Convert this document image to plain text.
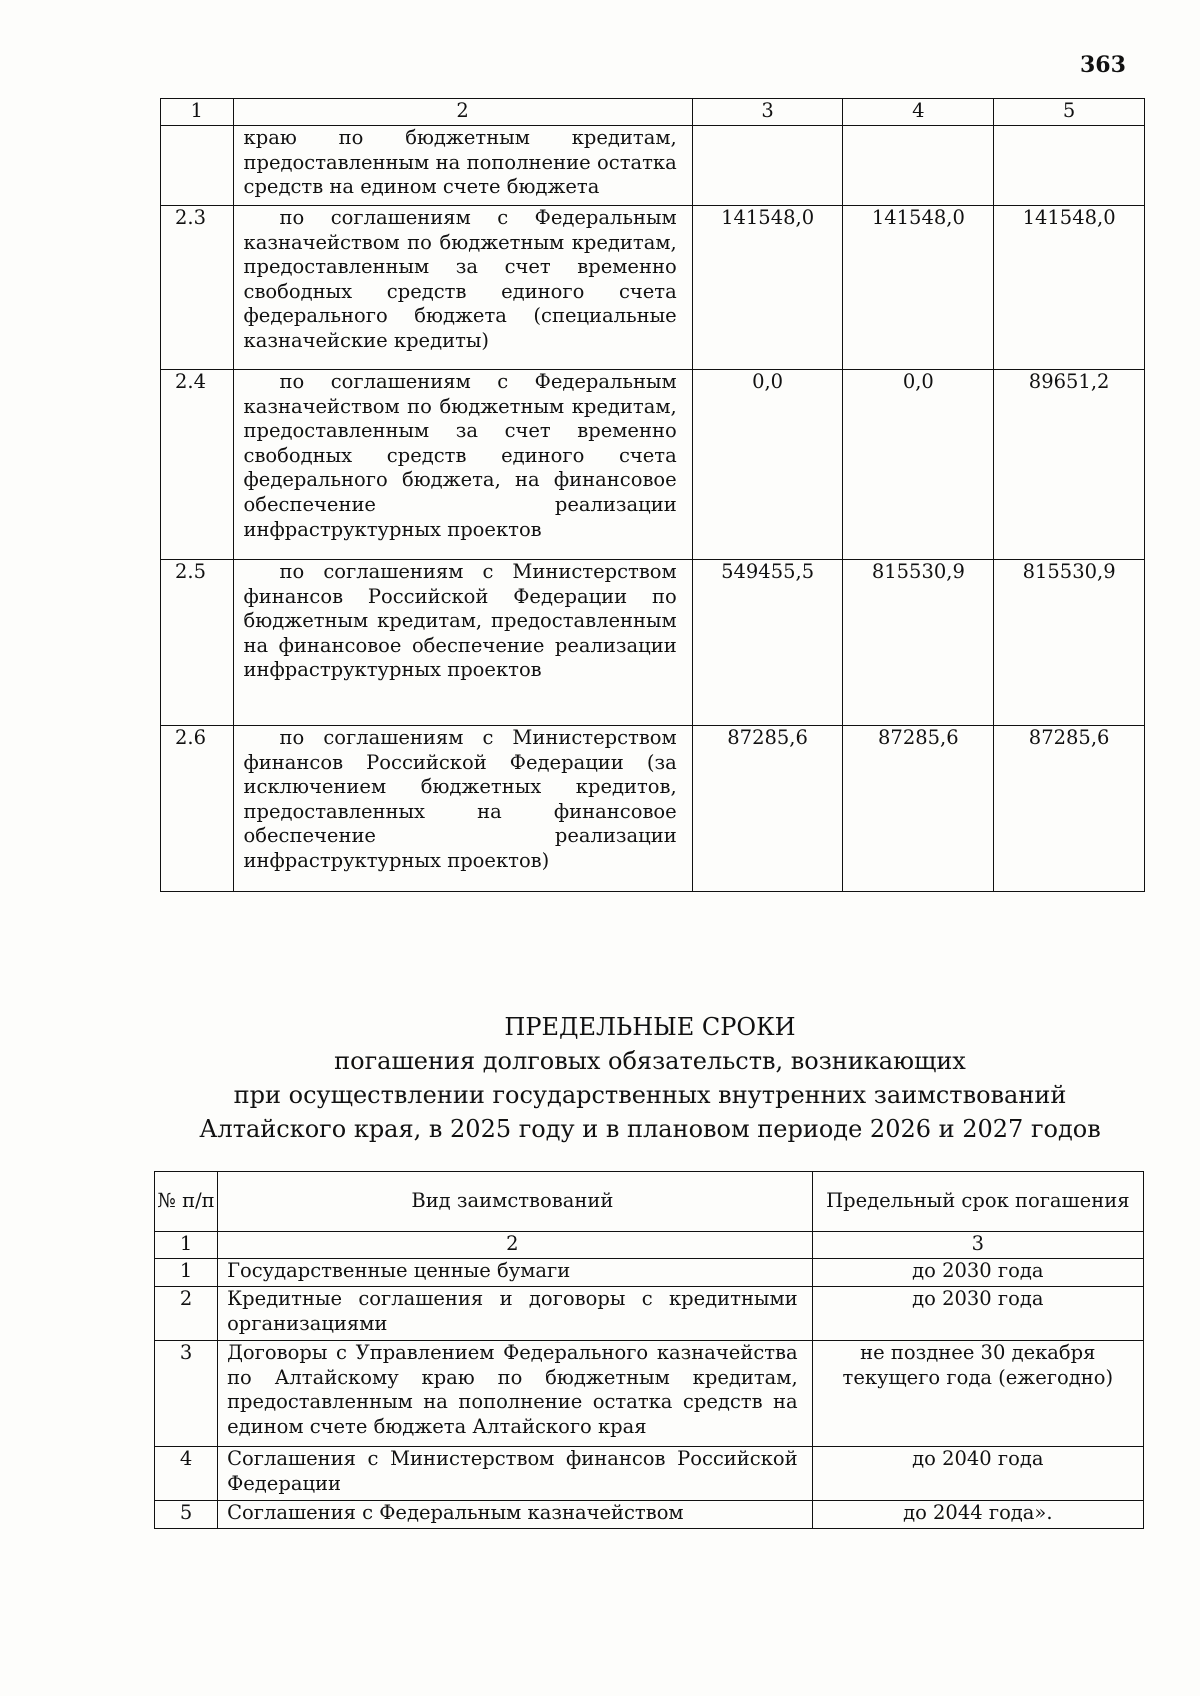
363
1	2	3	4	5
	краю по бюджетным кредитам, предоставленным на пополнение остатка средств на едином счете бюджета			
2.3	по соглашениям с Федеральным казначейством по бюджетным кредитам, предоставленным за счет временно свободных средств единого счета федерального бюджета (специальные казначейские кредиты)	141548,0	141548,0	141548,0
2.4	по соглашениям с Федеральным казначейством по бюджетным кредитам, предоставленным за счет временно свободных средств единого счета федерального бюджета, на финансовое обеспечение реализации инфраструктурных проектов	0,0	0,0	89651,2
2.5	по соглашениям с Министерством финансов Российской Федерации по бюджетным кредитам, предоставленным на финансовое обеспечение реализации инфраструктурных проектов	549455,5	815530,9	815530,9
2.6	по соглашениям с Министерством финансов Российской Федерации (за исключением бюджетных кредитов, предоставленных на финансовое обеспечение реализации инфраструктурных проектов)	87285,6	87285,6	87285,6
ПРЕДЕЛЬНЫЕ СРОКИ
погашения долговых обязательств, возникающих
при осуществлении государственных внутренних заимствований
Алтайского края, в 2025 году и в плановом периоде 2026 и 2027 годов
№ п/п	Вид заимствований	Предельный срок погашения
1	2	3
1	Государственные ценные бумаги	до 2030 года
2	Кредитные соглашения и договоры с кредитными организациями	до 2030 года
3	Договоры с Управлением Федерального казначейства по Алтайскому краю по бюджетным кредитам, предоставленным на пополнение остатка средств на едином счете бюджета Алтайского края	не позднее 30 декабря текущего года (ежегодно)
4	Соглашения с Министерством финансов Российской Федерации	до 2040 года
5	Соглашения с Федеральным казначейством	до 2044 года».
